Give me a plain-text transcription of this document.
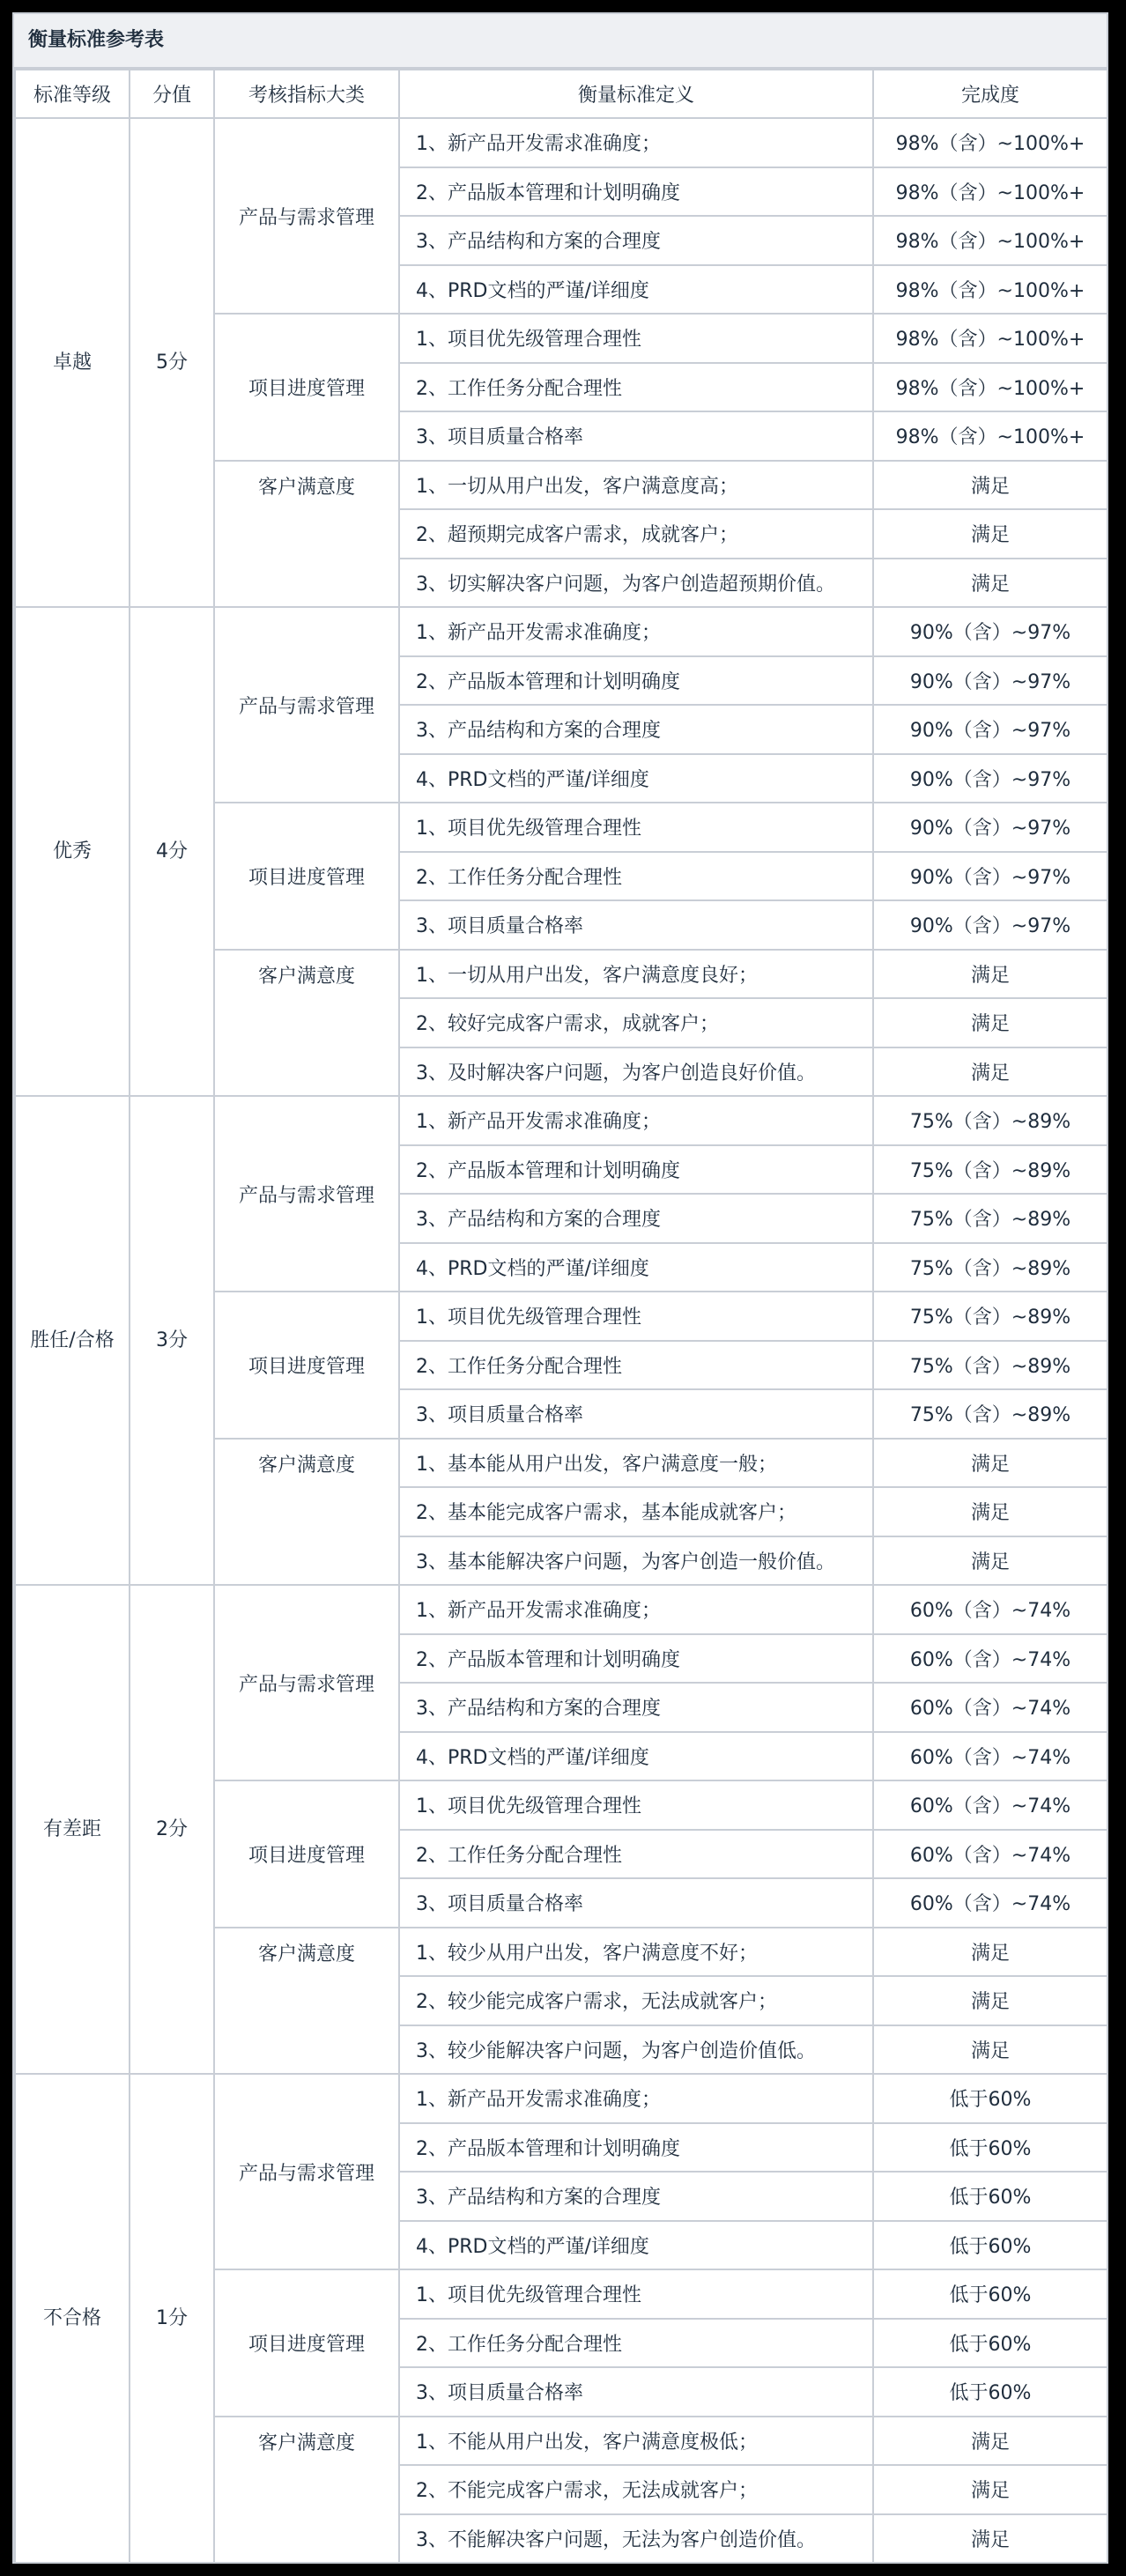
衡量标准参考表
标准等级	分值	考核指标大类	衡量标准定义	完成度
卓越	5分	产品与需求管理	1、新产品开发需求准确度；	98%（含）~100%+
			2、产品版本管理和计划明确度	98%（含）~100%+
			3、产品结构和方案的合理度	98%（含）~100%+
			4、PRD文档的严谨/详细度	98%（含）~100%+
		项目进度管理	1、项目优先级管理合理性	98%（含）~100%+
			2、工作任务分配合理性	98%（含）~100%+
			3、项目质量合格率	98%（含）~100%+
		客户满意度	1、一切从用户出发，客户满意度高；	满足
			2、超预期完成客户需求，成就客户；	满足
			3、切实解决客户问题，为客户创造超预期价值。	满足
优秀	4分	产品与需求管理	1、新产品开发需求准确度；	90%（含）~97%
			2、产品版本管理和计划明确度	90%（含）~97%
			3、产品结构和方案的合理度	90%（含）~97%
			4、PRD文档的严谨/详细度	90%（含）~97%
		项目进度管理	1、项目优先级管理合理性	90%（含）~97%
			2、工作任务分配合理性	90%（含）~97%
			3、项目质量合格率	90%（含）~97%
		客户满意度	1、一切从用户出发，客户满意度良好；	满足
			2、较好完成客户需求，成就客户；	满足
			3、及时解决客户问题，为客户创造良好价值。	满足
胜任/合格	3分	产品与需求管理	1、新产品开发需求准确度；	75%（含）~89%
			2、产品版本管理和计划明确度	75%（含）~89%
			3、产品结构和方案的合理度	75%（含）~89%
			4、PRD文档的严谨/详细度	75%（含）~89%
		项目进度管理	1、项目优先级管理合理性	75%（含）~89%
			2、工作任务分配合理性	75%（含）~89%
			3、项目质量合格率	75%（含）~89%
		客户满意度	1、基本能从用户出发，客户满意度一般；	满足
			2、基本能完成客户需求，基本能成就客户；	满足
			3、基本能解决客户问题，为客户创造一般价值。	满足
有差距	2分	产品与需求管理	1、新产品开发需求准确度；	60%（含）~74%
			2、产品版本管理和计划明确度	60%（含）~74%
			3、产品结构和方案的合理度	60%（含）~74%
			4、PRD文档的严谨/详细度	60%（含）~74%
		项目进度管理	1、项目优先级管理合理性	60%（含）~74%
			2、工作任务分配合理性	60%（含）~74%
			3、项目质量合格率	60%（含）~74%
		客户满意度	1、较少从用户出发，客户满意度不好；	满足
			2、较少能完成客户需求，无法成就客户；	满足
			3、较少能解决客户问题，为客户创造价值低。	满足
不合格	1分	产品与需求管理	1、新产品开发需求准确度；	低于60%
			2、产品版本管理和计划明确度	低于60%
			3、产品结构和方案的合理度	低于60%
			4、PRD文档的严谨/详细度	低于60%
		项目进度管理	1、项目优先级管理合理性	低于60%
			2、工作任务分配合理性	低于60%
			3、项目质量合格率	低于60%
		客户满意度	1、不能从用户出发，客户满意度极低；	满足
			2、不能完成客户需求，无法成就客户；	满足
			3、不能解决客户问题，无法为客户创造价值。	满足
